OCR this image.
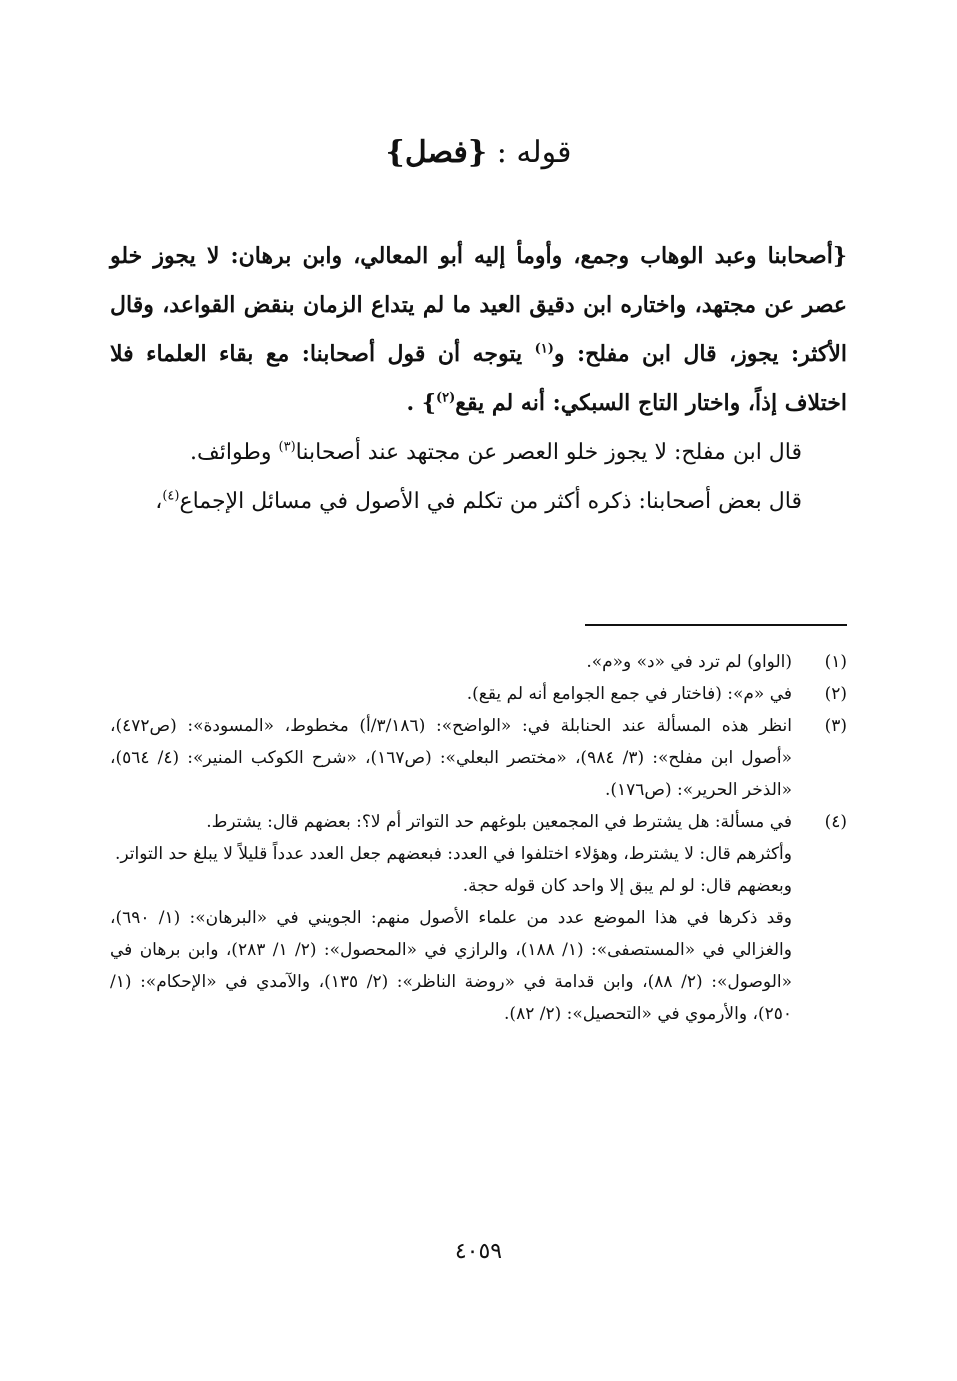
قوله : {فصل}

{أصحابنا وعبد الوهاب وجمع، وأومأ إليه أبو المعالي، وابن برهان: لا يجوز خلو عصر عن مجتهد، واختاره ابن دقيق العيد ما لم يتداع الزمان بنقض القواعد، وقال الأكثر: يجوز، قال ابن مفلح: و$^{(١)}$ يتوجه أن قول أصحابنا: مع بقاء العلماء فلا اختلاف إذاً، واختار التاج السبكي: أنه لم يقع$^{(٢)}$} .

قال ابن مفلح: لا يجوز خلو العصر عن مجتهد عند أصحابنا$^{(٣)}$ وطوائف.

قال بعض أصحابنا: ذكره أكثر من تكلم في الأصول في مسائل الإجماع$^{(٤)}$،

(١)

(الواو) لم ترد في «د» و«م».

(٢)

في «م»: (فاختار في جمع الجوامع أنه لم يقع).

(٣)

انظر هذه المسألة عند الحنابلة في: «الواضح»: (٣/١٨٦/أ) مخطوط، «المسودة»: (ص٤٧٢)، «أصول ابن مفلح»: (٣/ ٩٨٤)، «مختصر البعلي»: (ص١٦٧)، «شرح الكوكب المنير»: (٤/ ٥٦٤)، «الذخر الحرير»: (ص١٧٦).

(٤)

في مسألة: هل يشترط في المجمعين بلوغهم حد التواتر أم لا؟: بعضهم قال: يشترط.

وأكثرهم قال: لا يشترط، وهؤلاء اختلفوا في العدد: فبعضهم جعل العدد عدداً قليلاً لا يبلغ حد التواتر.

وبعضهم قال: لو لم يبق إلا واحد كان قوله حجة.

وقد ذكرها في هذا الموضع عدد من علماء الأصول منهم: الجويني في «البرهان»: (١/ ٦٩٠)، والغزالي في «المستصفى»: (١/ ١٨٨)، والرازي في «المحصول»: (٢/ ١/ ٢٨٣)، وابن برهان في «الوصول»: (٢/ ٨٨)، وابن قدامة في «روضة الناظر»: (٢/ ١٣٥)، والآمدي في «الإحكام»: (١/ ٢٥٠)، والأرموي في «التحصيل»: (٢/ ٨٢).

٤٠٥٩
